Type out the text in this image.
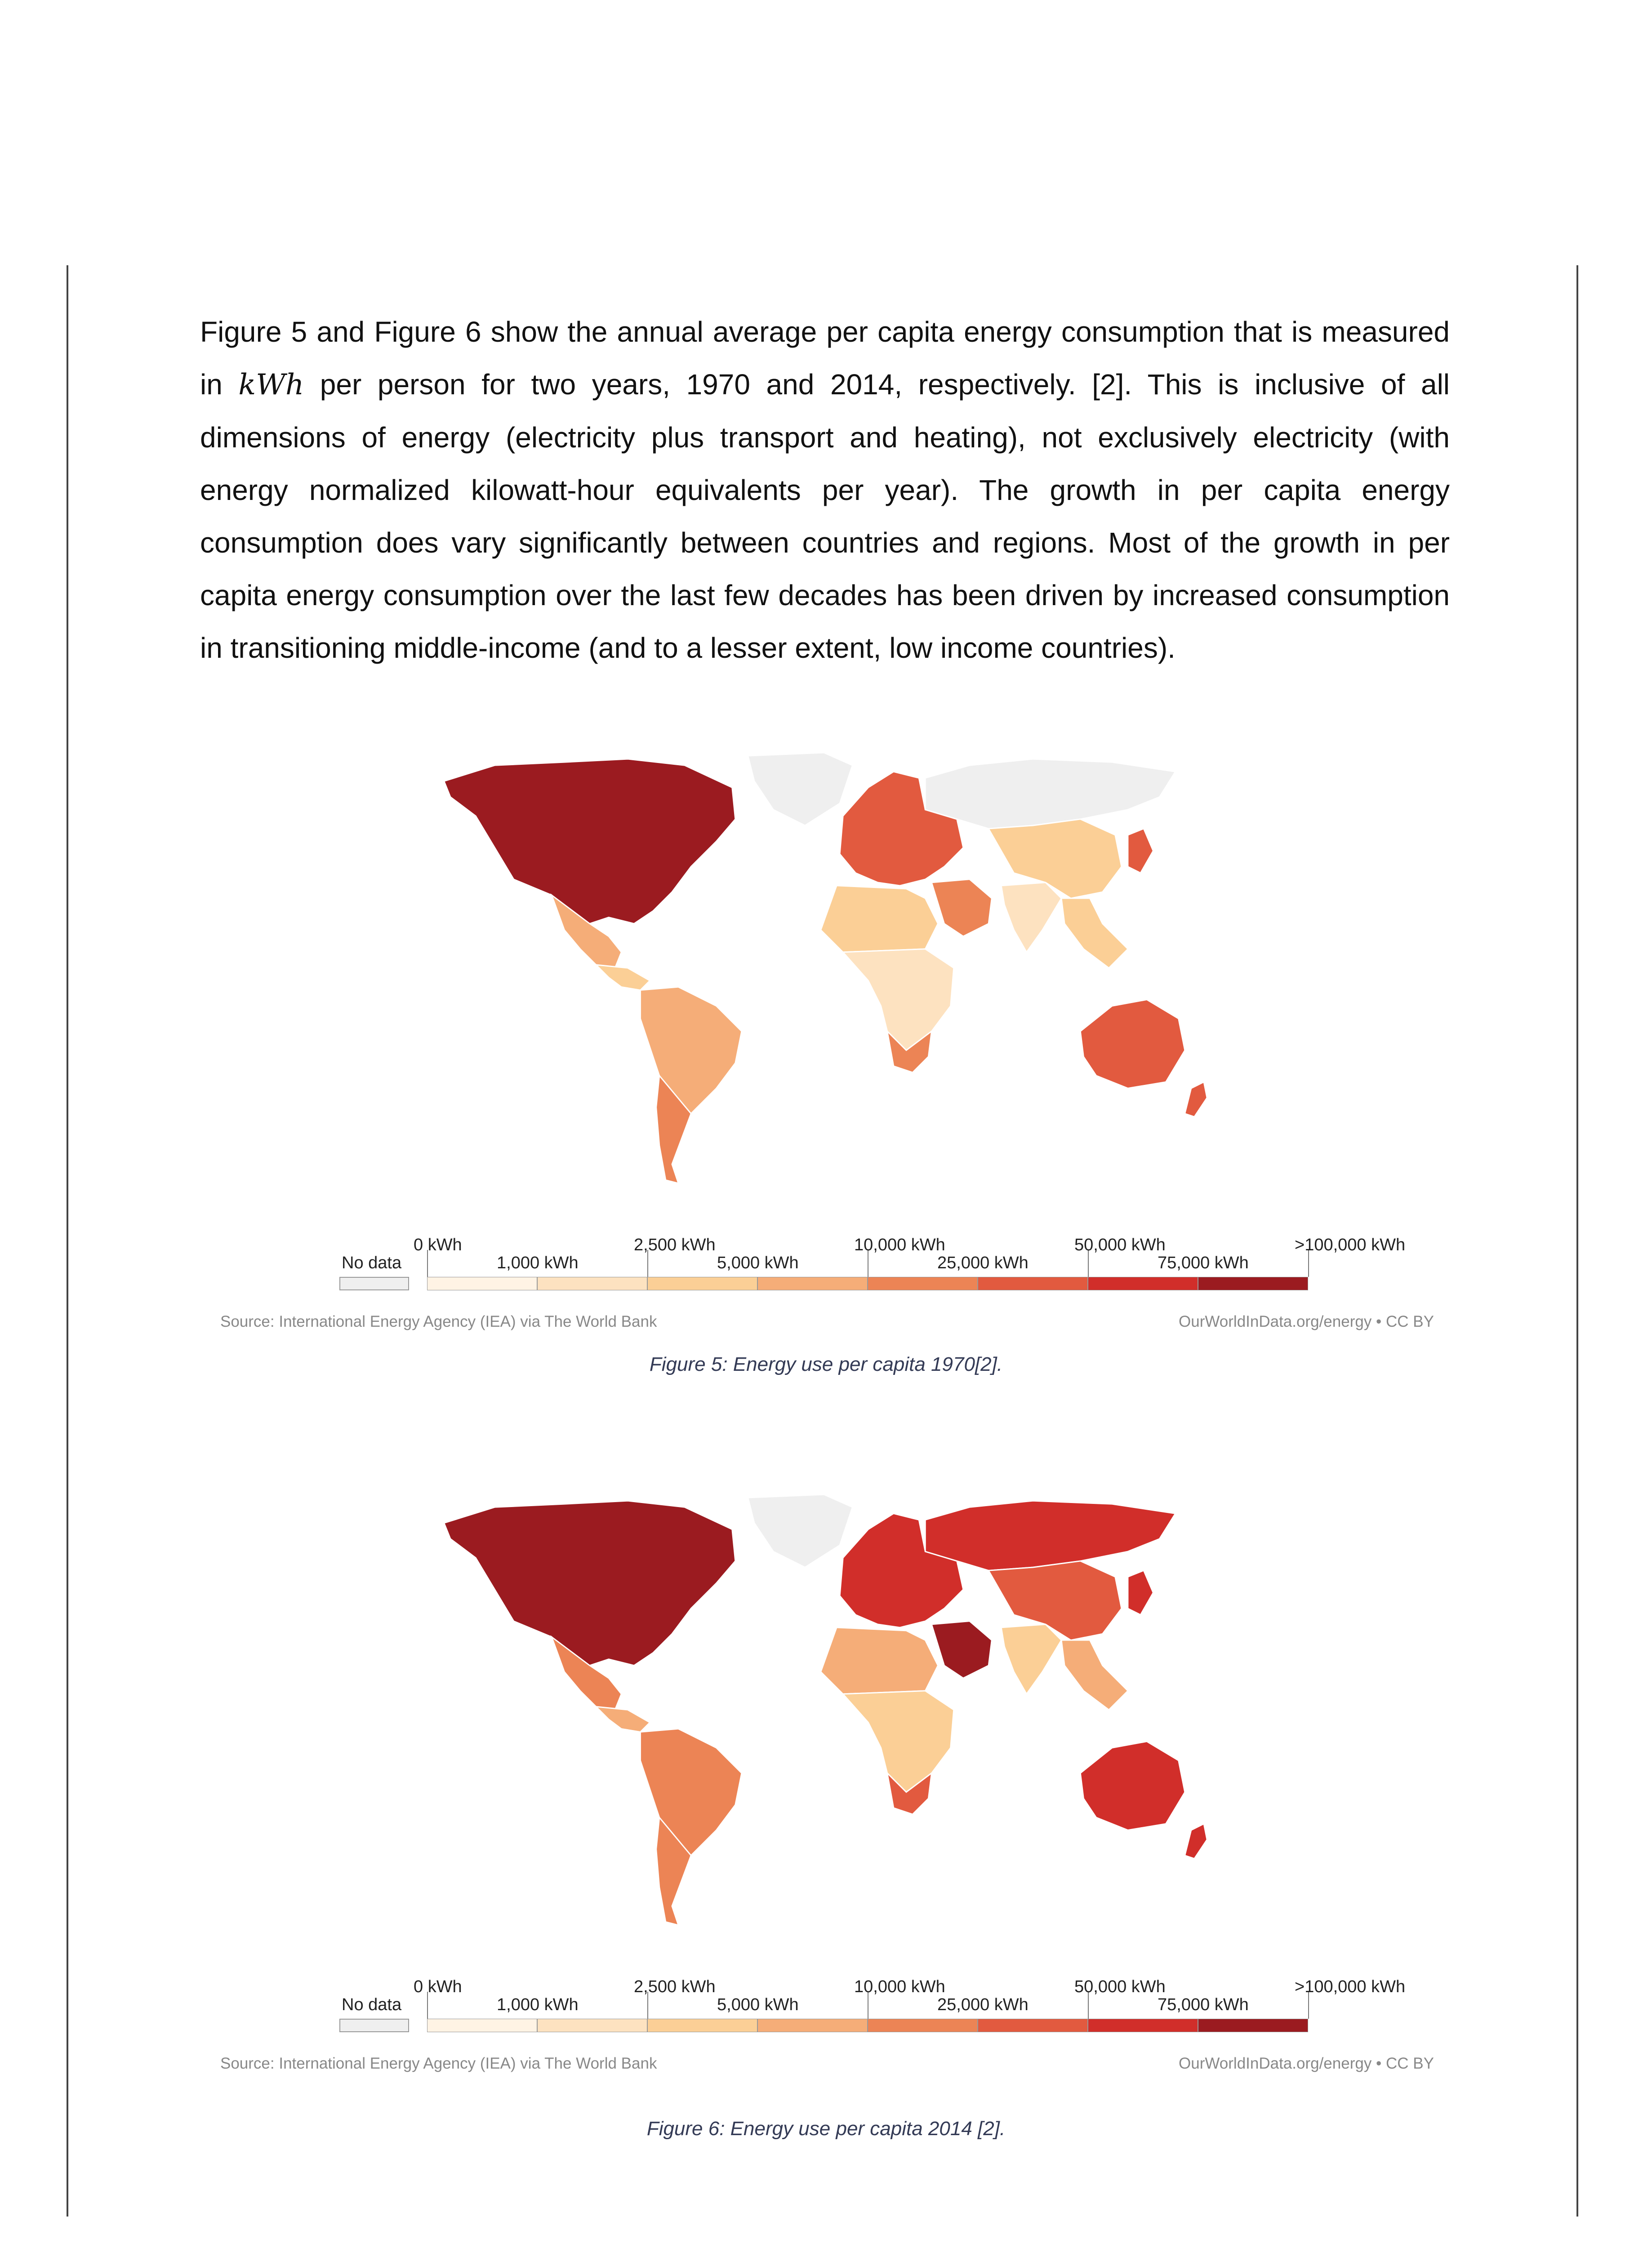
Figure 5 and Figure 6 show the annual average per capita energy consumption that is measured in kWh per person for two years, 1970 and 2014, respectively. [2]. This is inclusive of all dimensions of energy (electricity plus transport and heating), not exclusively electricity (with energy normalized kilowatt-hour equivalents per year). The growth in per capita energy consumption does vary significantly between countries and regions. Most of the growth in per capita energy consumption over the last few decades has been driven by increased consumption in transitioning middle-income (and to a lesser extent, low income countries).
No data
0 kWh	2,500 kWh	10,000 kWh	50,000 kWh	>100,000 kWh
1,000 kWh	5,000 kWh	25,000 kWh	75,000 kWh
Source: International Energy Agency (IEA) via The World Bank	OurWorldInData.org/energy • CC BY
No data
0 kWh	2,500 kWh	10,000 kWh	50,000 kWh	>100,000 kWh
1,000 kWh	5,000 kWh	25,000 kWh	75,000 kWh
Source: International Energy Agency (IEA) via The World Bank	OurWorldInData.org/energy • CC BY
Figure 5: Energy use per capita 1970[2].
Figure 6: Energy use per capita 2014 [2].
